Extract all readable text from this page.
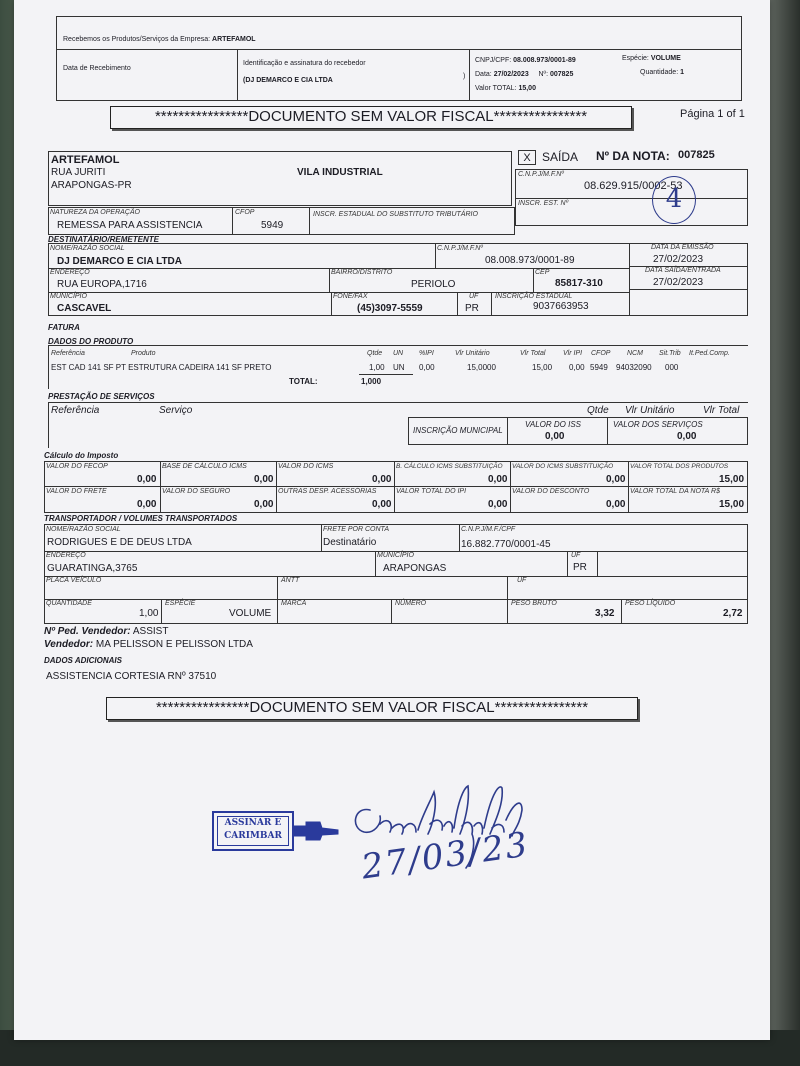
Recebemos os Produtos/Serviços da Empresa: ARTEFAMOL
Data de Recebimento
Identificação e assinatura do recebedor
(DJ DEMARCO E CIA LTDA
)
CNPJ/CPF: 08.008.973/0001-89
Data: 27/02/2023 Nº: 007825
Valor TOTAL: 15,00
Espécie: VOLUME
Quantidade: 1
****************DOCUMENTO SEM VALOR FISCAL****************	Página 1 of 1
ARTEFAMOL
RUA JURITI
ARAPONGAS-PR
VILA INDUSTRIAL
X SAÍDA Nº DA NOTA: 007825
C.N.P.J/M.F.Nº
08.629.915/0002-53
INSCR. EST. Nº	4
NATUREZA DA OPERAÇÃO
REMESSA PARA ASSISTENCIA
CFOP
5949
INSCR. ESTADUAL DO SUBSTITUTO TRIBUTÁRIO
DESTINATÁRIO/REMETENTE
NOME/RAZÃO SOCIAL
DJ DEMARCO E CIA LTDA
C.N.P.J/M.F.Nº
08.008.973/0001-89
DATA DA EMISSÃO
27/02/2023
ENDEREÇO
RUA EUROPA,1716
BAIRRO/DISTRITO
PERIOLO
CEP
85817-310
DATA SAÍDA/ENTRADA
27/02/2023
MUNICÍPIO
CASCAVEL
FONE/FAX
(45)3097-5559
UF
PR
INSCRIÇÃO ESTADUAL
9037663953
FATURA
DADOS DO PRODUTO
Referência	Produto	Qtde UN %IPI	Vlr Unitário	Vlr Total	Vlr IPI CFOP NCM Sit.Trib It.Ped.Comp.
EST CAD 141 SF PT ESTRUTURA CADEIRA 141 SF PRETO	1,00 UN 0,00	15,0000	15,00 0,00 5949 94032090 000
TOTAL:	1,000
PRESTAÇÃO DE SERVIÇOS
Referência	Serviço	Qtde Vlr Unitário	Vlr Total
INSCRIÇÃO MUNICIPAL
VALOR DO ISS
0,00
VALOR DOS SERVIÇOS
0,00
Cálculo do Imposto
VALOR DO FECOP
0,00
BASE DE CÁLCULO ICMS
0,00
VALOR DO ICMS
0,00
B. CÁLCULO ICMS SUBSTITUIÇÃO
0,00
VALOR DO ICMS SUBSTITUIÇÃO
0,00
VALOR TOTAL DOS PRODUTOS
15,00
VALOR DO FRETE
0,00
VALOR DO SEGURO
0,00
OUTRAS DESP. ACESSÓRIAS
0,00
VALOR TOTAL DO IPI
0,00
VALOR DO DESCONTO
0,00
VALOR TOTAL DA NOTA R$
15,00
TRANSPORTADOR / VOLUMES TRANSPORTADOS
NOME/RAZÃO SOCIAL
RODRIGUES E DE DEUS LTDA
FRETE POR CONTA
Destinatário
C.N.P.J/M.F./CPF
16.882.770/0001-45
ENDEREÇO
GUARATINGA,3765
MUNICÍPIO
ARAPONGAS
UF
PR
PLACA VEÍCULO	ANTT	UF
QUANTIDADE
1,00
ESPÉCIE
VOLUME
MARCA	NÚMERO	PESO BRUTO
3,32
PESO LÍQUIDO
2,72
Nº Ped. Vendedor: ASSIST
Vendedor: MA PELISSON E PELISSON LTDA
DADOS ADICIONAIS
ASSISTENCIA CORTESIA RNº 37510
****************DOCUMENTO SEM VALOR FISCAL****************
ASSINAR E
CARIMBAR 27/03/23
